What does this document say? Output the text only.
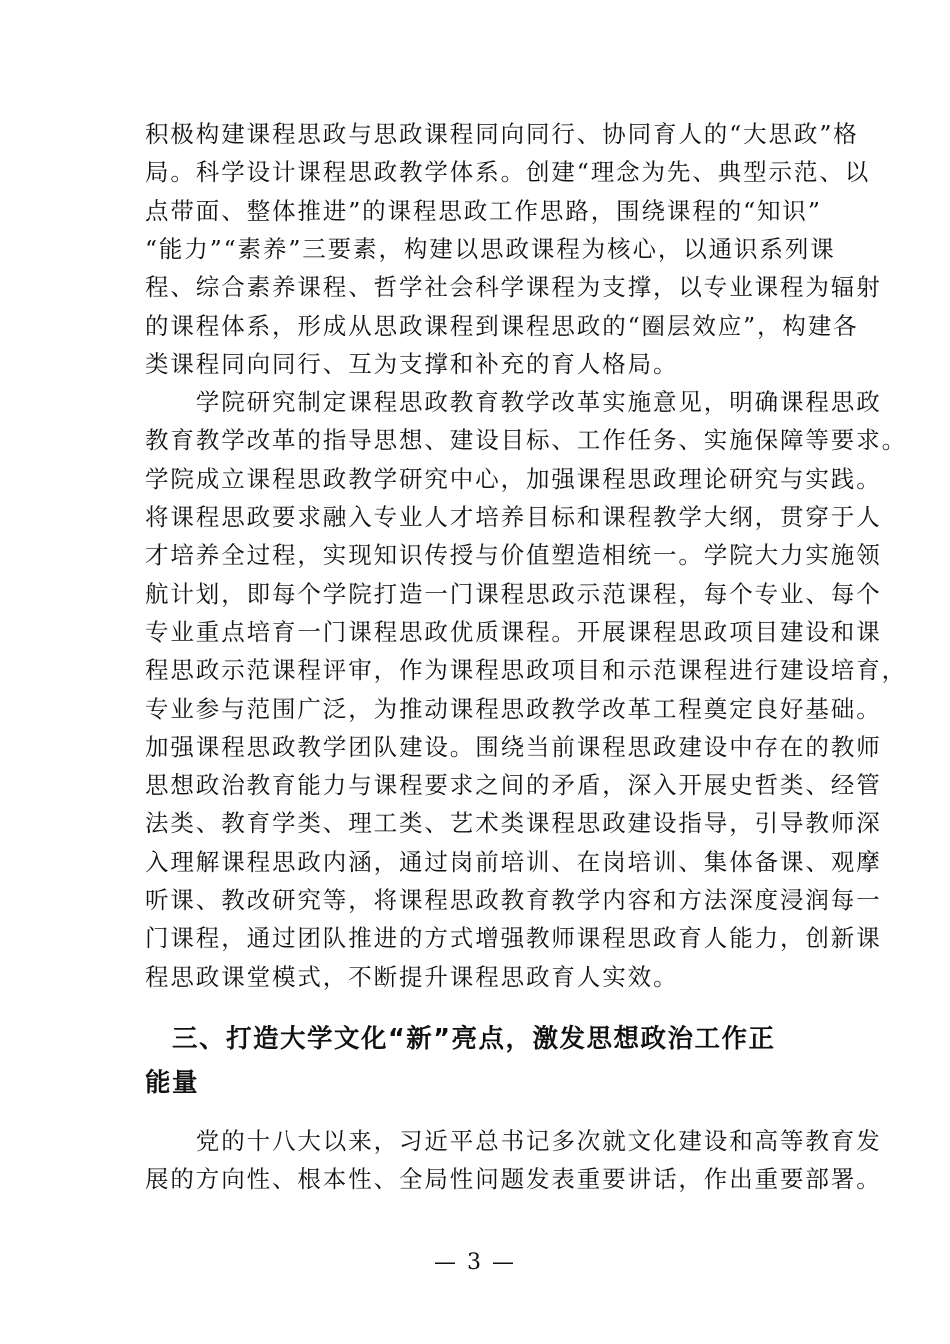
积极构建课程思政与思政课程同向同行、协同育人的“大思政”格
局。科学设计课程思政教学体系。创建“理念为先、典型示范、以
点带面、整体推进”的课程思政工作思路，围绕课程的“知识”
“能力”“素养”三要素，构建以思政课程为核心，以通识系列课
程、综合素养课程、哲学社会科学课程为支撑，以专业课程为辐射
的课程体系，形成从思政课程到课程思政的“圈层效应”，构建各
类课程同向同行、互为支撑和补充的育人格局。
　　学院研究制定课程思政教育教学改革实施意见，明确课程思政
教育教学改革的指导思想、建设目标、工作任务、实施保障等要求。
学院成立课程思政教学研究中心，加强课程思政理论研究与实践。
将课程思政要求融入专业人才培养目标和课程教学大纲，贯穿于人
才培养全过程，实现知识传授与价值塑造相统一。学院大力实施领
航计划，即每个学院打造一门课程思政示范课程，每个专业、每个
专业重点培育一门课程思政优质课程。开展课程思政项目建设和课
程思政示范课程评审，作为课程思政项目和示范课程进行建设培育，
专业参与范围广泛，为推动课程思政教学改革工程奠定良好基础。
加强课程思政教学团队建设。围绕当前课程思政建设中存在的教师
思想政治教育能力与课程要求之间的矛盾，深入开展史哲类、经管
法类、教育学类、理工类、艺术类课程思政建设指导，引导教师深
入理解课程思政内涵，通过岗前培训、在岗培训、集体备课、观摩
听课、教改研究等，将课程思政教育教学内容和方法深度浸润每一
门课程，通过团队推进的方式增强教师课程思政育人能力，创新课
程思政课堂模式，不断提升课程思政育人实效。
　三、打造大学文化“新”亮点，激发思想政治工作正
能量
　　党的十八大以来，习近平总书记多次就文化建设和高等教育发
展的方向性、根本性、全局性问题发表重要讲话，作出重要部署。
— 3 —
